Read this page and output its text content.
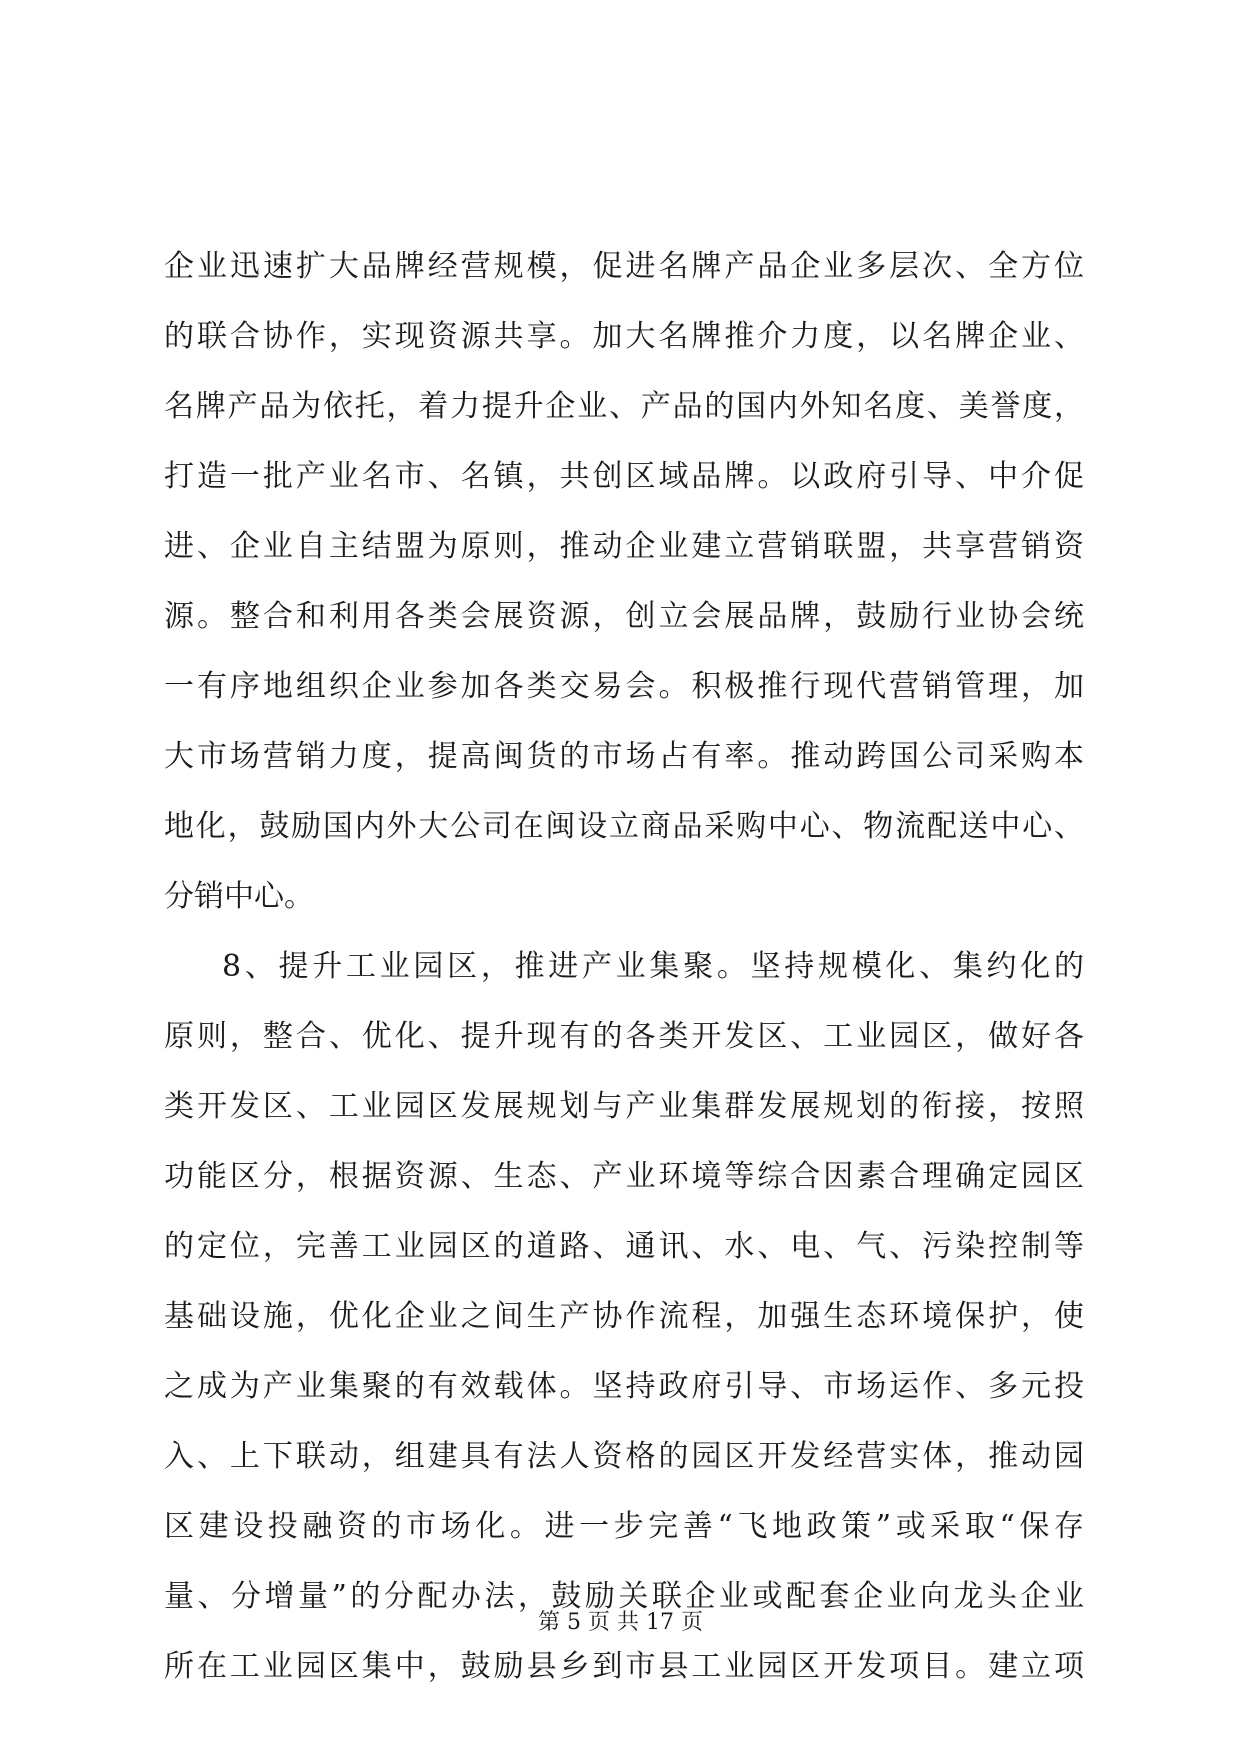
企业迅速扩大品牌经营规模，促进名牌产品企业多层次、全方位
的联合协作，实现资源共享。加大名牌推介力度，以名牌企业、
名牌产品为依托，着力提升企业、产品的国内外知名度、美誉度，
打造一批产业名市、名镇，共创区域品牌。以政府引导、中介促
进、企业自主结盟为原则，推动企业建立营销联盟，共享营销资
源。整合和利用各类会展资源，创立会展品牌，鼓励行业协会统
一有序地组织企业参加各类交易会。积极推行现代营销管理，加
大市场营销力度，提高闽货的市场占有率。推动跨国公司采购本
地化，鼓励国内外大公司在闽设立商品采购中心、物流配送中心、
分销中心。
8、提升工业园区，推进产业集聚。坚持规模化、集约化的
原则，整合、优化、提升现有的各类开发区、工业园区，做好各
类开发区、工业园区发展规划与产业集群发展规划的衔接，按照
功能区分，根据资源、生态、产业环境等综合因素合理确定园区
的定位，完善工业园区的道路、通讯、水、电、气、污染控制等
基础设施，优化企业之间生产协作流程，加强生态环境保护，使
之成为产业集聚的有效载体。坚持政府引导、市场运作、多元投
入、上下联动，组建具有法人资格的园区开发经营实体，推动园
区建设投融资的市场化。进一步完善“飞地政策”或采取“保存
量、分增量”的分配办法，鼓励关联企业或配套企业向龙头企业
所在工业园区集中，鼓励县乡到市县工业园区开发项目。建立项
第 5 页 共 17 页
